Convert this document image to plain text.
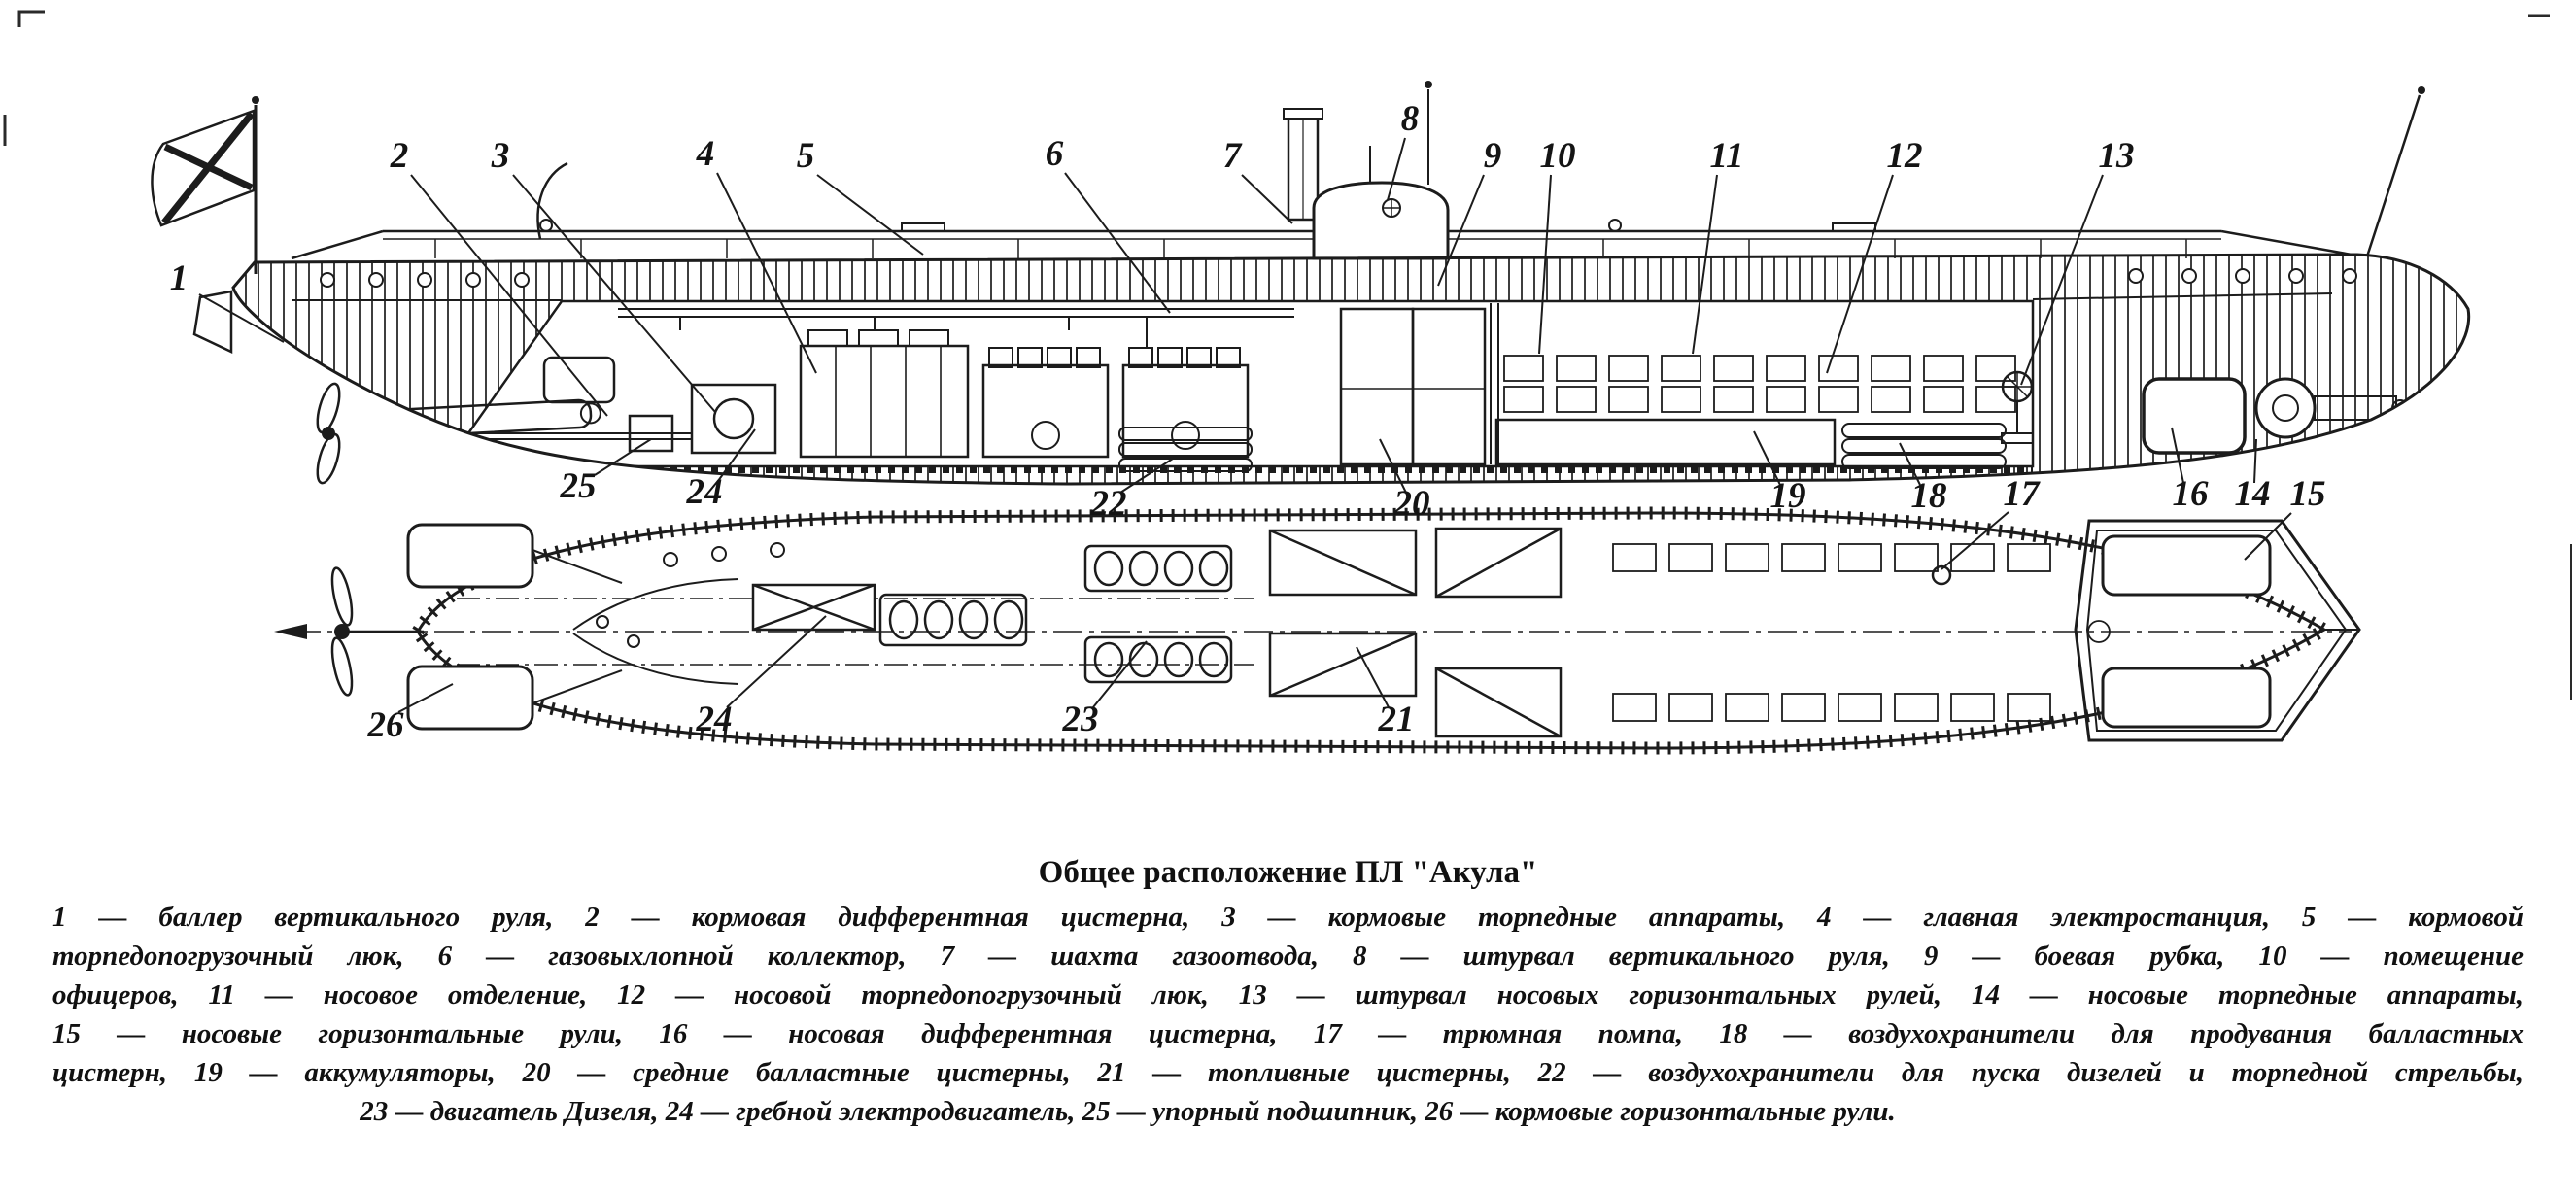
1
2 3	4 5	6	7
8
9 10	11	12	13
25	24	22	20	19	18 17	16 14 15
26	24	23	21
Общее расположение ПЛ "Акула"
1 — баллер вертикального руля, 2 — кормовая дифферентная цистерна, 3 — кормовые торпедные аппараты, 4 — главная электростанция, 5 — кормовой
торпедопогрузочный люк, 6 — газовыхлопной коллектор, 7 — шахта газоотвода, 8 — штурвал вертикального руля, 9 — боевая рубка, 10 — помещение
офицеров, 11 — носовое отделение, 12 — носовой торпедопогрузочный люк, 13 — штурвал носовых горизонтальных рулей, 14 — носовые торпедные аппараты,
15 — носовые горизонтальные рули, 16 — носовая дифферентная цистерна, 17 — трюмная помпа, 18 — воздухохранители для продувания балластных
цистерн, 19 — аккумуляторы, 20 — средние балластные цистерны, 21 — топливные цистерны, 22 — воздухохранители для пуска дизелей и торпедной стрельбы,
23 — двигатель Дизеля, 24 — гребной электродвигатель, 25 — упорный подшипник, 26 — кормовые горизонтальные рули.
